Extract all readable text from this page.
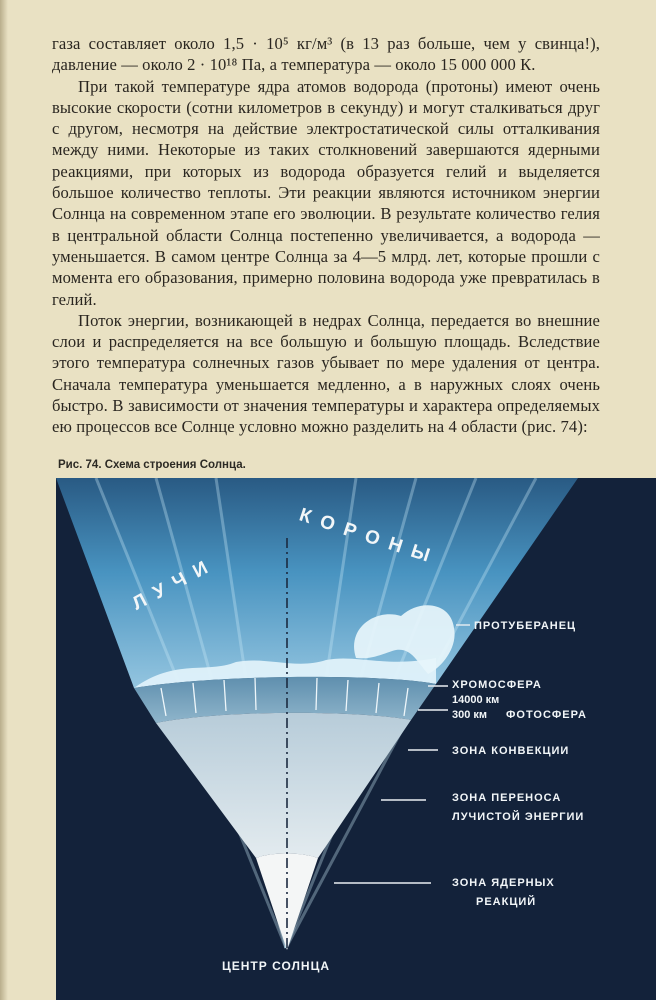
газа составляет около 1,5 · 10⁵ кг/м³ (в 13 раз больше, чем у свинца!), давление — около 2 · 10¹⁸ Па, а температура — около 15 000 000 К.

При такой температуре ядра атомов водорода (протоны) имеют очень высокие скорости (сотни километров в секунду) и могут сталкиваться друг с другом, несмотря на действие электростатической силы отталкивания между ними. Некоторые из таких столкновений завершаются ядерными реакциями, при которых из водорода образуется гелий и выделяется большое количество теплоты. Эти реакции являются источником энергии Солнца на современном этапе его эволюции. В результате количество гелия в центральной области Солнца постепенно увеличивается, а водорода — уменьшается. В самом центре Солнца за 4—5 млрд. лет, которые прошли с момента его образования, примерно половина водорода уже превратилась в гелий.

Поток энергии, возникающей в недрах Солнца, передается во внешние слои и распределяется на все большую и большую площадь. Вследствие этого температура солнечных газов убывает по мере удаления от центра. Сначала температура уменьшается медленно, а в наружных слоях очень быстро. В зависимости от значения температуры и характера определяемых ею процессов все Солнце условно можно разделить на 4 области (рис. 74):

Рис. 74. Схема строения Солнца.
ЛУЧИ
КОРОНЫ
ПРОТУБЕРАНЕЦ
ХРОМОСФЕРА
14000 км
300 км ФОТОСФЕРА
ЗОНА КОНВЕКЦИИ
ЗОНА ПЕРЕНОСА
ЛУЧИСТОЙ ЭНЕРГИИ
ЗОНА ЯДЕРНЫХ
РЕАКЦИЙ
ЦЕНТР СОЛНЦА
